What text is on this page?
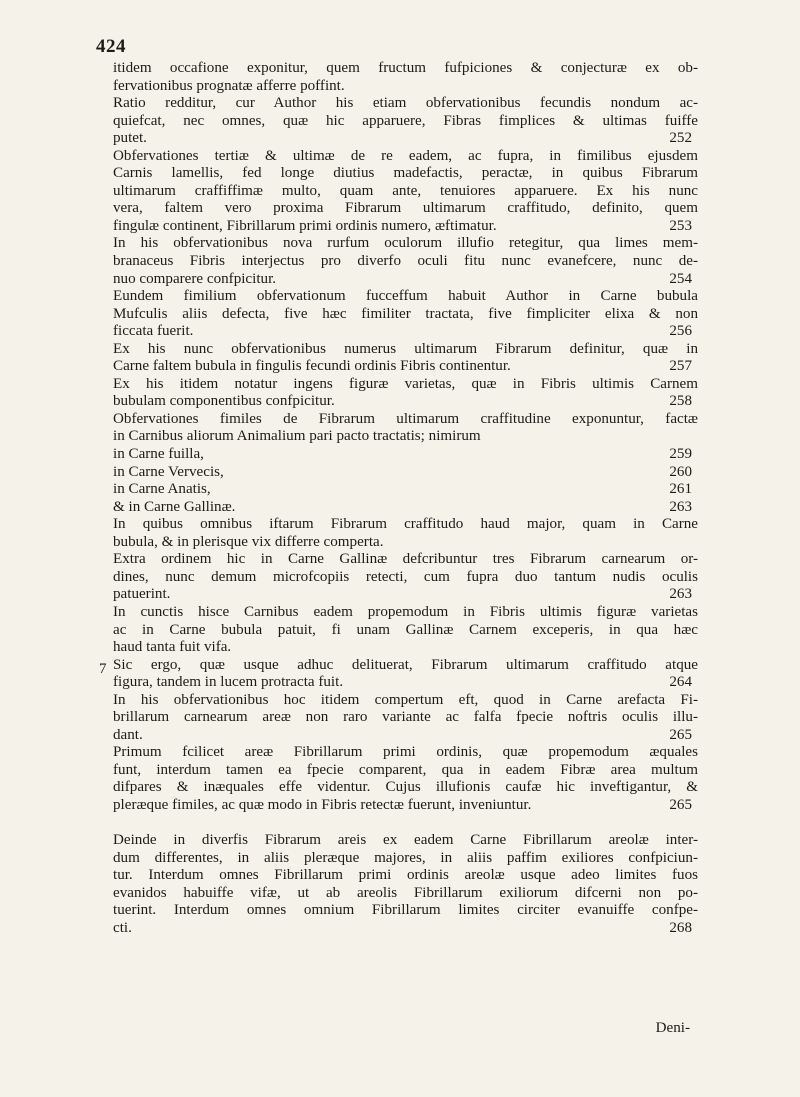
424
7
itidem occafione exponitur, quem fructum fufpiciones & conjecturæ ex ob-
fervationibus prognatæ afferre poffint.
Ratio redditur, cur Author his etiam obfervationibus fecundis nondum ac-
quiefcat, nec omnes, quæ hic apparuere, Fibras fimplices & ultimas fuiffe
putet.	252
Obfervationes tertiæ & ultimæ de re eadem, ac fupra, in fimilibus ejusdem
Carnis lamellis, fed longe diutius madefactis, peractæ, in quibus Fibrarum
ultimarum craffiffimæ multo, quam ante, tenuiores apparuere. Ex his nunc
vera, faltem vero proxima Fibrarum ultimarum craffitudo, definito, quem
fingulæ continent, Fibrillarum primi ordinis numero, æftimatur.	253
In his obfervationibus nova rurfum oculorum illufio retegitur, qua limes mem-
branaceus Fibris interjectus pro diverfo oculi fitu nunc evanefcere, nunc de-
nuo comparere confpicitur.	254
Eundem fimilium obfervationum fucceffum habuit Author in Carne bubula
Mufculis aliis defecta, five hæc fimiliter tractata, five fimpliciter elixa & non
ficcata fuerit.	256
Ex his nunc obfervationibus numerus ultimarum Fibrarum definitur, quæ in
Carne faltem bubula in fingulis fecundi ordinis Fibris continentur.	257
Ex his itidem notatur ingens figuræ varietas, quæ in Fibris ultimis Carnem
bubulam componentibus confpicitur.	258
Obfervationes fimiles de Fibrarum ultimarum craffitudine exponuntur, factæ
in Carnibus aliorum Animalium pari pacto tractatis; nimirum
in Carne fuilla,	259
in Carne Vervecis,	260
in Carne Anatis,	261
& in Carne Gallinæ.	263
In quibus omnibus iftarum Fibrarum craffitudo haud major, quam in Carne
bubula, & in plerisque vix differre comperta.
Extra ordinem hic in Carne Gallinæ defcribuntur tres Fibrarum carnearum or-
dines, nunc demum microfcopiis retecti, cum fupra duo tantum nudis oculis
patuerint.	263
In cunctis hisce Carnibus eadem propemodum in Fibris ultimis figuræ varietas
ac in Carne bubula patuit, fi unam Gallinæ Carnem exceperis, in qua hæc
haud tanta fuit vifa.
Sic ergo, quæ usque adhuc delituerat, Fibrarum ultimarum craffitudo atque
figura, tandem in lucem protracta fuit.	264
In his obfervationibus hoc itidem compertum eft, quod in Carne arefacta Fi-
brillarum carnearum areæ non raro variante ac falfa fpecie noftris oculis illu-
dant.	265
Primum fcilicet areæ Fibrillarum primi ordinis, quæ propemodum æquales
funt, interdum tamen ea fpecie comparent, qua in eadem Fibræ area multum
difpares & inæquales effe videntur. Cujus illufionis caufæ hic inveftigantur, &
pleræque fimiles, ac quæ modo in Fibris retectæ fuerunt, inveniuntur.	265

Deinde in diverfis Fibrarum areis ex eadem Carne Fibrillarum areolæ inter-
dum differentes, in aliis pleræque majores, in aliis paffim exiliores confpiciun-
tur. Interdum omnes Fibrillarum primi ordinis areolæ usque adeo limites fuos
evanidos habuiffe vifæ, ut ab areolis Fibrillarum exiliorum difcerni non po-
tuerint. Interdum omnes omnium Fibrillarum limites circiter evanuiffe confpe-
cti.	268
Deni-
